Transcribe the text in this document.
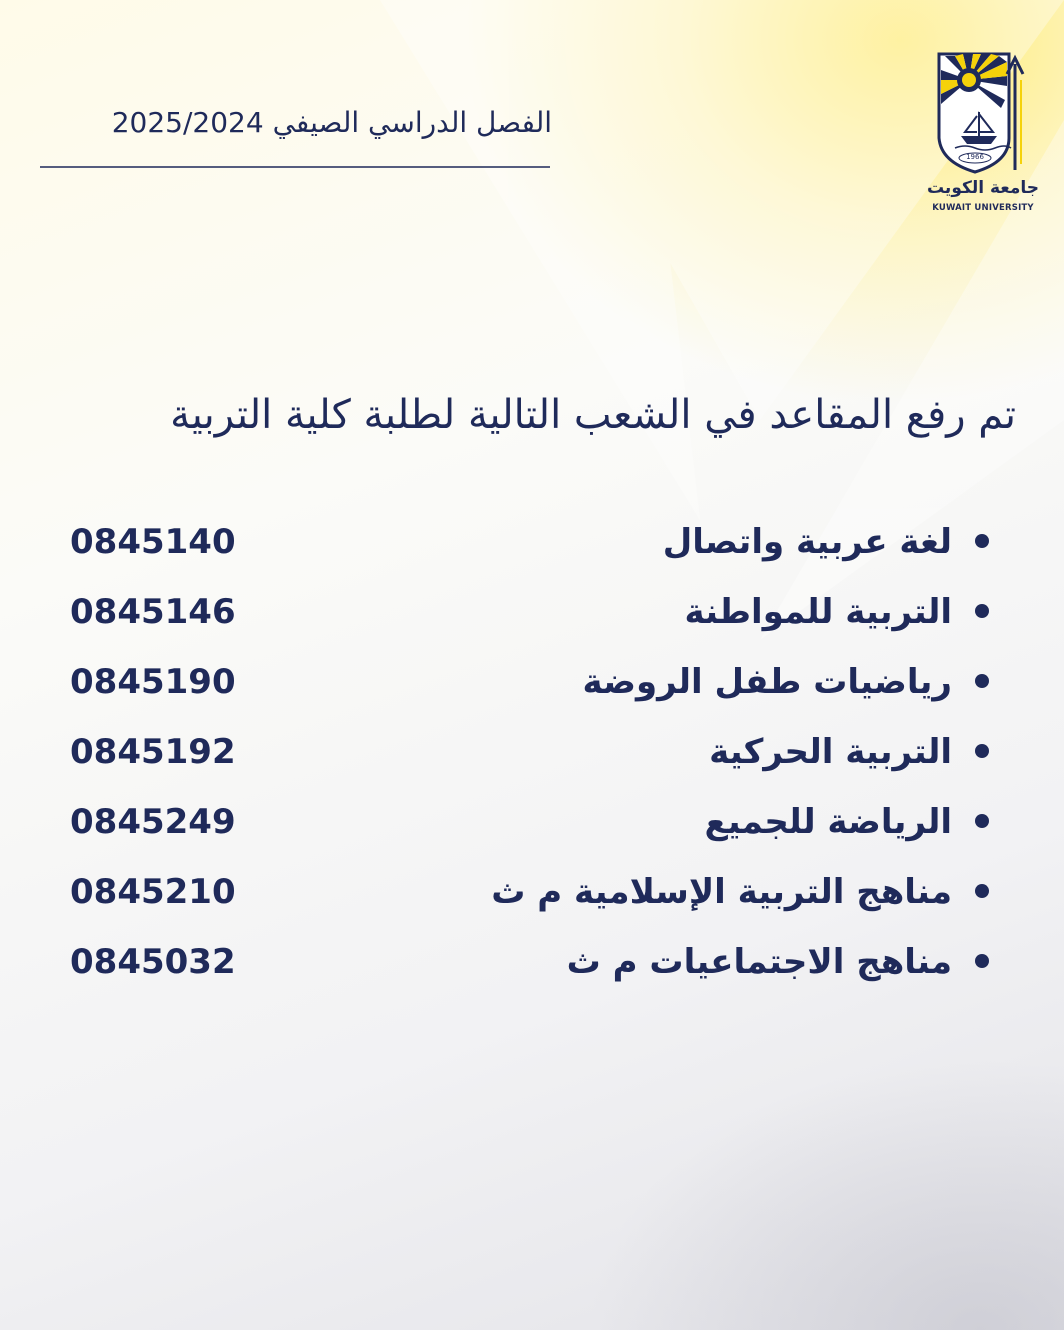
الفصل الدراسي الصيفي 2025/2024
1966
جامعة الكويت
KUWAIT UNIVERSITY
تم رفع المقاعد في الشعب التالية لطلبة كلية التربية
لغة عربية واتصال
0845140
التربية للمواطنة
0845146
رياضيات طفل الروضة
0845190
التربية الحركية
0845192
الرياضة للجميع
0845249
مناهج التربية الإسلامية م ث
0845210
مناهج الاجتماعيات م ث
0845032
